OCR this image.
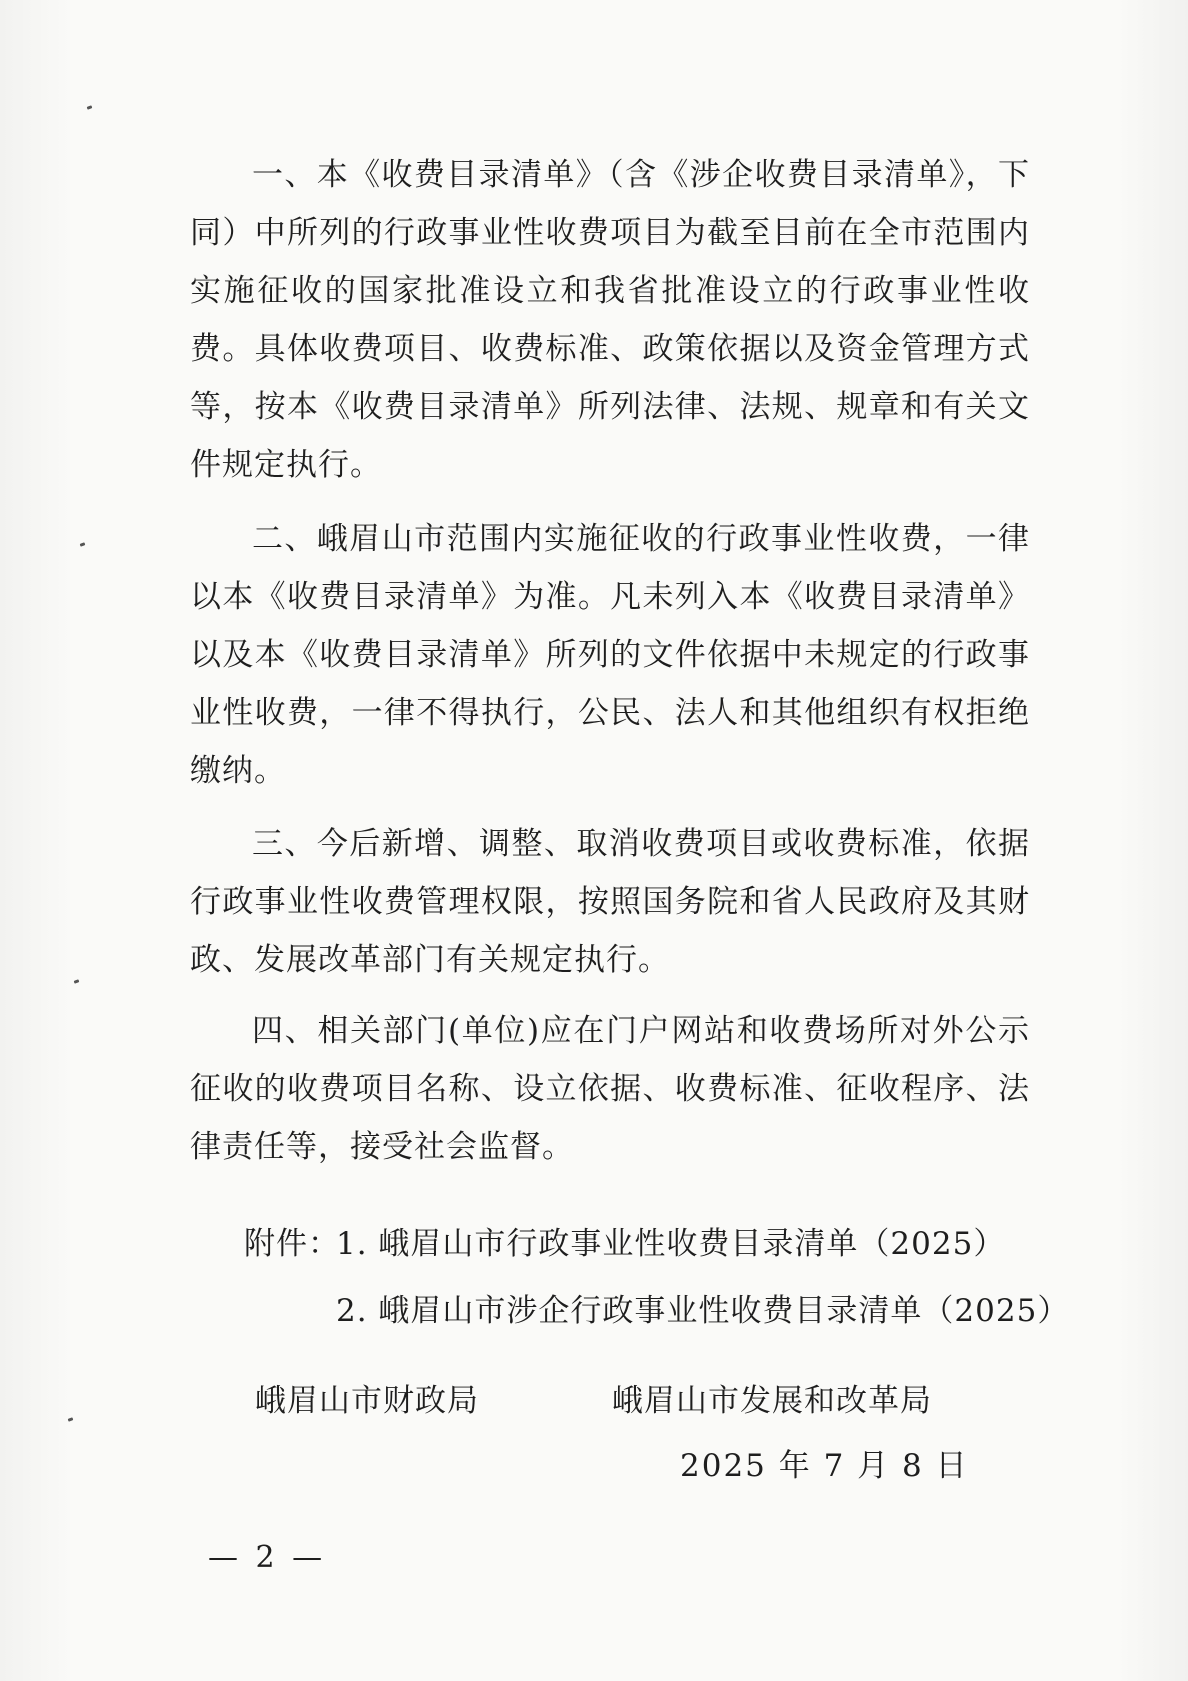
一、本《收费目录清单》（含《涉企收费目录清单》，下同）中所列的行政事业性收费项目为截至目前在全市范围内实施征收的国家批准设立和我省批准设立的行政事业性收费。具体收费项目、收费标准、政策依据以及资金管理方式等，按本《收费目录清单》所列法律、法规、规章和有关文件规定执行。

二、峨眉山市范围内实施征收的行政事业性收费，一律以本《收费目录清单》为准。凡未列入本《收费目录清单》以及本《收费目录清单》所列的文件依据中未规定的行政事业性收费，一律不得执行，公民、法人和其他组织有权拒绝缴纳。

三、今后新增、调整、取消收费项目或收费标准，依据行政事业性收费管理权限，按照国务院和省人民政府及其财政、发展改革部门有关规定执行。

四、相关部门(单位)应在门户网站和收费场所对外公示征收的收费项目名称、设立依据、收费标准、征收程序、法律责任等，接受社会监督。

附件：
1. 峨眉山市行政事业性收费目录清单（2025）
2. 峨眉山市涉企行政事业性收费目录清单（2025）
峨眉山市财政局	峨眉山市发展和改革局
2025 年 7 月 8 日
— 2 —
